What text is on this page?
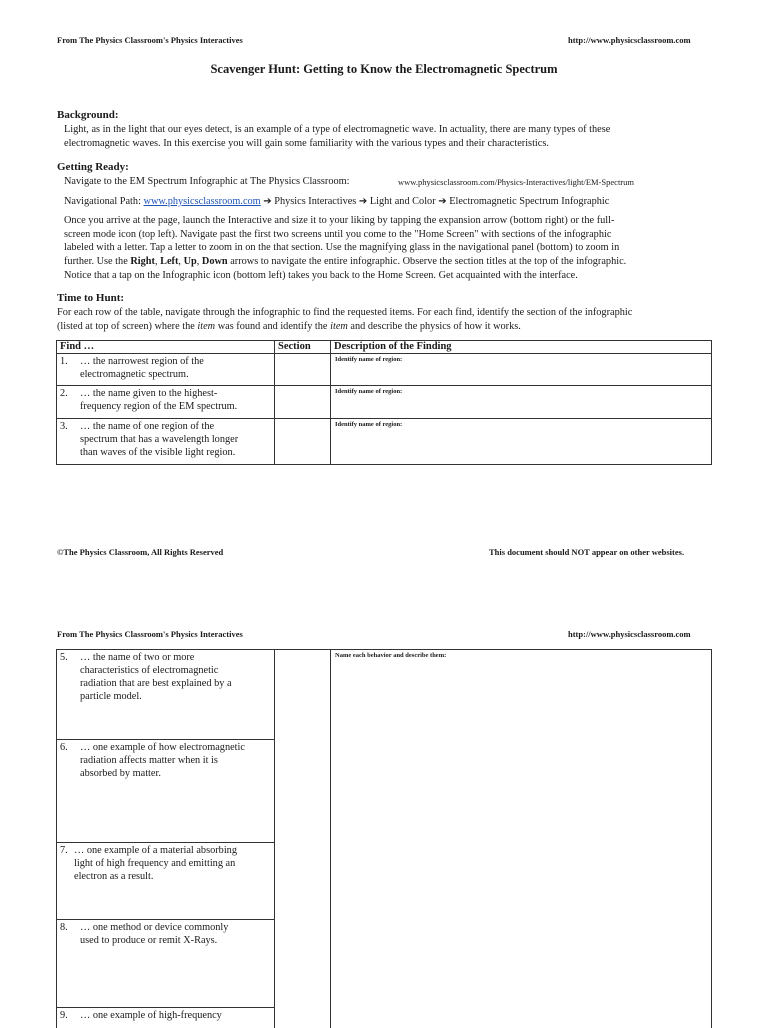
From The Physics Classroom's Physics Interactives	http://www.physicsclassroom.com
Scavenger Hunt: Getting to Know the Electromagnetic Spectrum
Background:
Light, as in the light that our eyes detect, is an example of a type of electromagnetic wave. In actuality, there are many types of these
electromagnetic waves. In this exercise you will gain some familiarity with the various types and their characteristics.
Getting Ready:
Navigate to the EM Spectrum Infographic at The Physics Classroom:	www.physicsclassroom.com/Physics-Interactives/light/EM-Spectrum
Navigational Path: www.physicsclassroom.com ➔ Physics Interactives ➔ Light and Color ➔ Electromagnetic Spectrum Infographic
Once you arrive at the page, launch the Interactive and size it to your liking by tapping the expansion arrow (bottom right) or the full-
screen mode icon (top left). Navigate past the first two screens until you come to the "Home Screen" with sections of the infographic
labeled with a letter. Tap a letter to zoom in on the that section. Use the magnifying glass in the navigational panel (bottom) to zoom in
further. Use the Right, Left, Up, Down arrows to navigate the entire infographic. Observe the section titles at the top of the infographic.
Notice that a tap on the Infographic icon (bottom left) takes you back to the Home Screen. Get acquainted with the interface.
Time to Hunt:
For each row of the table, navigate through the infographic to find the requested items. For each find, identify the section of the infographic
(listed at top of screen) where the item was found and identify the item and describe the physics of how it works.
Find …	Section	Description of the Finding

1. … the narrowest region of the
electromagnetic spectrum.		Identify name of region:

2. … the name given to the highest-
frequency region of the EM spectrum.		Identify name of region:

3. … the name of one region of the
spectrum that has a wavelength longer
than waves of the visible light region.		Identify name of region:
©The Physics Classroom, All Rights Reserved	This document should NOT appear on other websites.
From The Physics Classroom's Physics Interactives	http://www.physicsclassroom.com
5.	… the name of two or more
characteristics of electromagnetic
radiation that are best explained by a
particle model.

Name each behavior and describe them:

6.	… one example of how electromagnetic
radiation affects matter when it is
absorbed by matter.

7. … one example of a material absorbing
light of high frequency and emitting an
electron as a result.

8.	… one method or device commonly
used to produce or remit X-Rays.

9.	… one example of high-frequency
